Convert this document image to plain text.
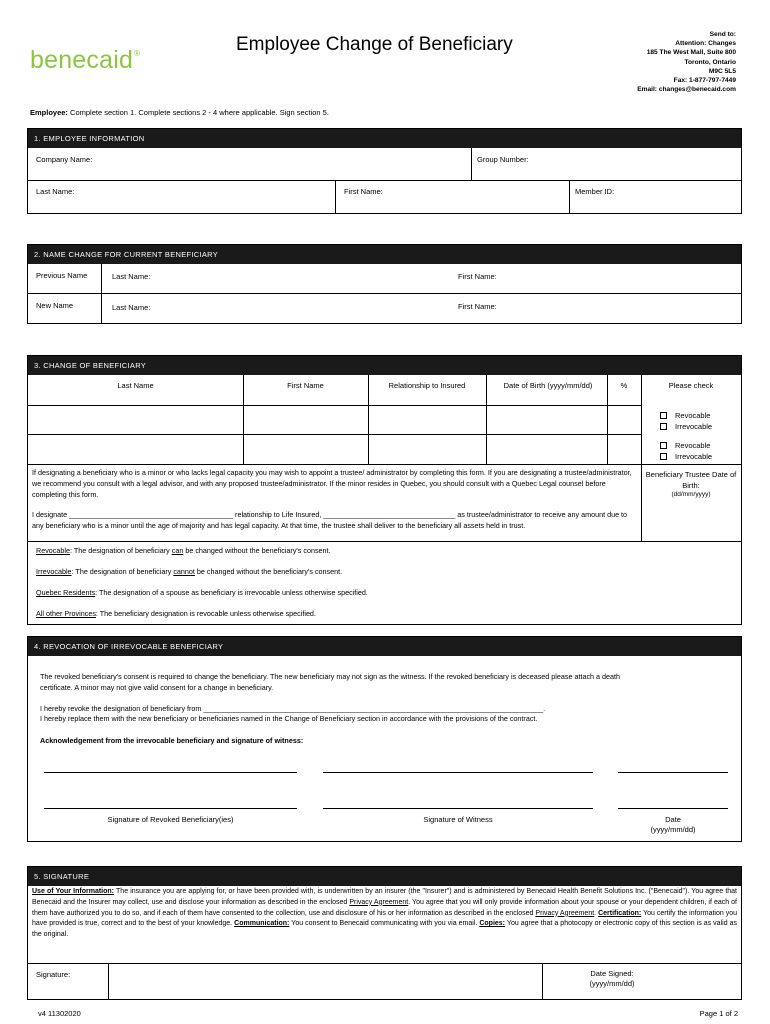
benecaid®	Employee Change of Beneficiary	Send to:
Attention: Changes
185 The West Mall, Suite 800
Toronto, Ontario
M9C 5L5
Fax: 1-877-797-7449
Email: changes@benecaid.com
Employee: Complete section 1. Complete sections 2 - 4 where applicable. Sign section 5.
1. EMPLOYEE INFORMATION
Company Name:	Group Number:
Last Name:	First Name:	Member ID:
2. NAME CHANGE FOR CURRENT BENEFICIARY
Previous Name	Last Name:	First Name:
New Name	Last Name:	First Name:
3. CHANGE OF BENEFICIARY
Last Name	First Name	Relationship to Insured	Date of Birth (yyyy/mm/dd)	%	Please check
Revocable
Irrevocable
Revocable
Irrevocable
If designating a beneficiary who is a minor or who lacks legal capacity you may wish to appoint a trustee/ administrator by completing this form. If you are designating a trustee/administrator, we recommend you consult with a legal advisor, and with any proposed trustee/administrator. If the minor resides in Quebec, you should consult with a Quebec Legal counsel before completing this form.
I designate _________________________________________ relationship to Life Insured, _________________________________ as trustee/administrator to receive any amount due to any beneficiary who is a minor until the age of majority and has legal capacity. At that time, the trustee shall deliver to the beneficiary all assets held in trust.
Beneficiary Trustee Date of Birth:
(dd/mm/yyyy)
Revocable: The designation of beneficiary can be changed without the beneficiary's consent.
Irrevocable: The designation of beneficiary cannot be changed without the beneficiary's consent.
Quebec Residents: The designation of a spouse as beneficiary is irrevocable unless otherwise specified.
All other Provinces: The beneficiary designation is revocable unless otherwise specified.
4. REVOCATION OF IRREVOCABLE BENEFICIARY
The revoked beneficiary's consent is required to change the beneficiary. The new beneficiary may not sign as the witness. If the revoked beneficiary is deceased please attach a death certificate. A minor may not give valid consent for a change in beneficiary.
I hereby revoke the designation of beneficiary from _____________________________________________________________________________________.
I hereby replace them with the new beneficiary or beneficiaries named in the Change of Beneficiary section in accordance with the provisions of the contract.
Acknowledgement from the irrevocable beneficiary and signature of witness:
Signature of Revoked Beneficiary(ies)	Signature of Witness	Date
(yyyy/mm/dd)
5. SIGNATURE
Use of Your Information: The insurance you are applying for, or have been provided with, is underwritten by an insurer (the "Insurer") and is administered by Benecaid Health Benefit Solutions Inc. ("Benecaid"). You agree that Benecaid and the Insurer may collect, use and disclose your information as described in the enclosed Privacy Agreement. You agree that you will only provide information about your spouse or your dependent children, if each of them have authorized you to do so, and if each of them have consented to the collection, use and disclosure of his or her information as described in the enclosed Privacy Agreement. Certification: You certify the information you have provided is true, correct and to the best of your knowledge. Communication: You consent to Benecaid communicating with you via email. Copies: You agree that a photocopy or electronic copy of this section is as valid as the original.
Signature:	Date Signed:
(yyyy/mm/dd)
v4 11302020	Page 1 of 2
